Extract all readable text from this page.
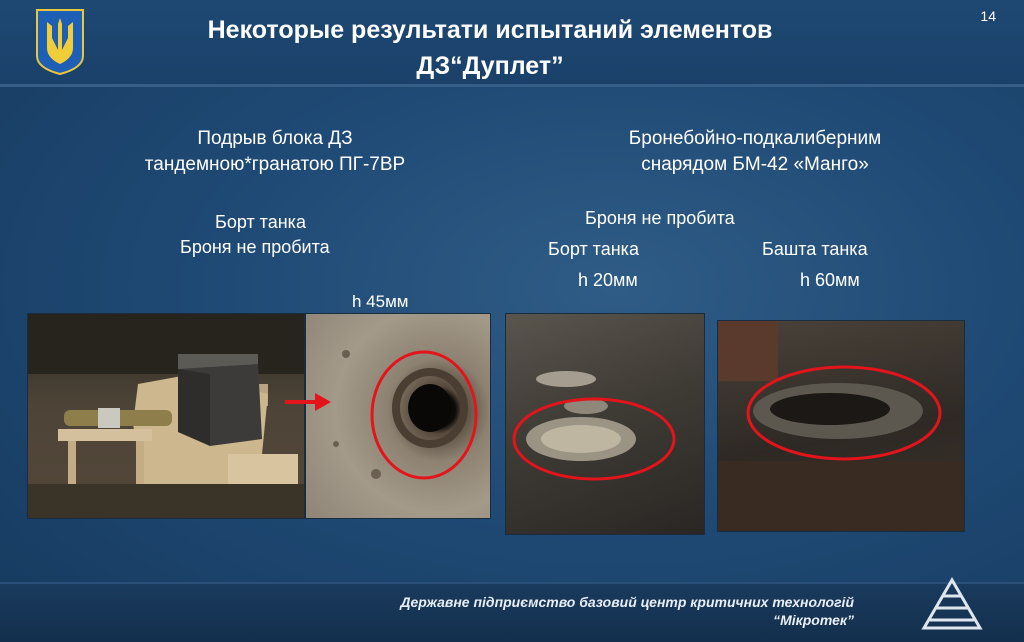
Некоторые результати испытаний элементов
ДЗ“Дуплет”
14
Подрыв блока ДЗ
тандемною*гранатою ПГ-7ВР
Борт танка
Броня не пробита
h 45мм
Бронебойно-подкалиберним
снарядом БМ-42 «Манго»
Броня не пробита
Борт танка
h 20мм
Башта танка
h 60мм
Державне підприємство базовий центр критичних технологій
“Мікротек”
